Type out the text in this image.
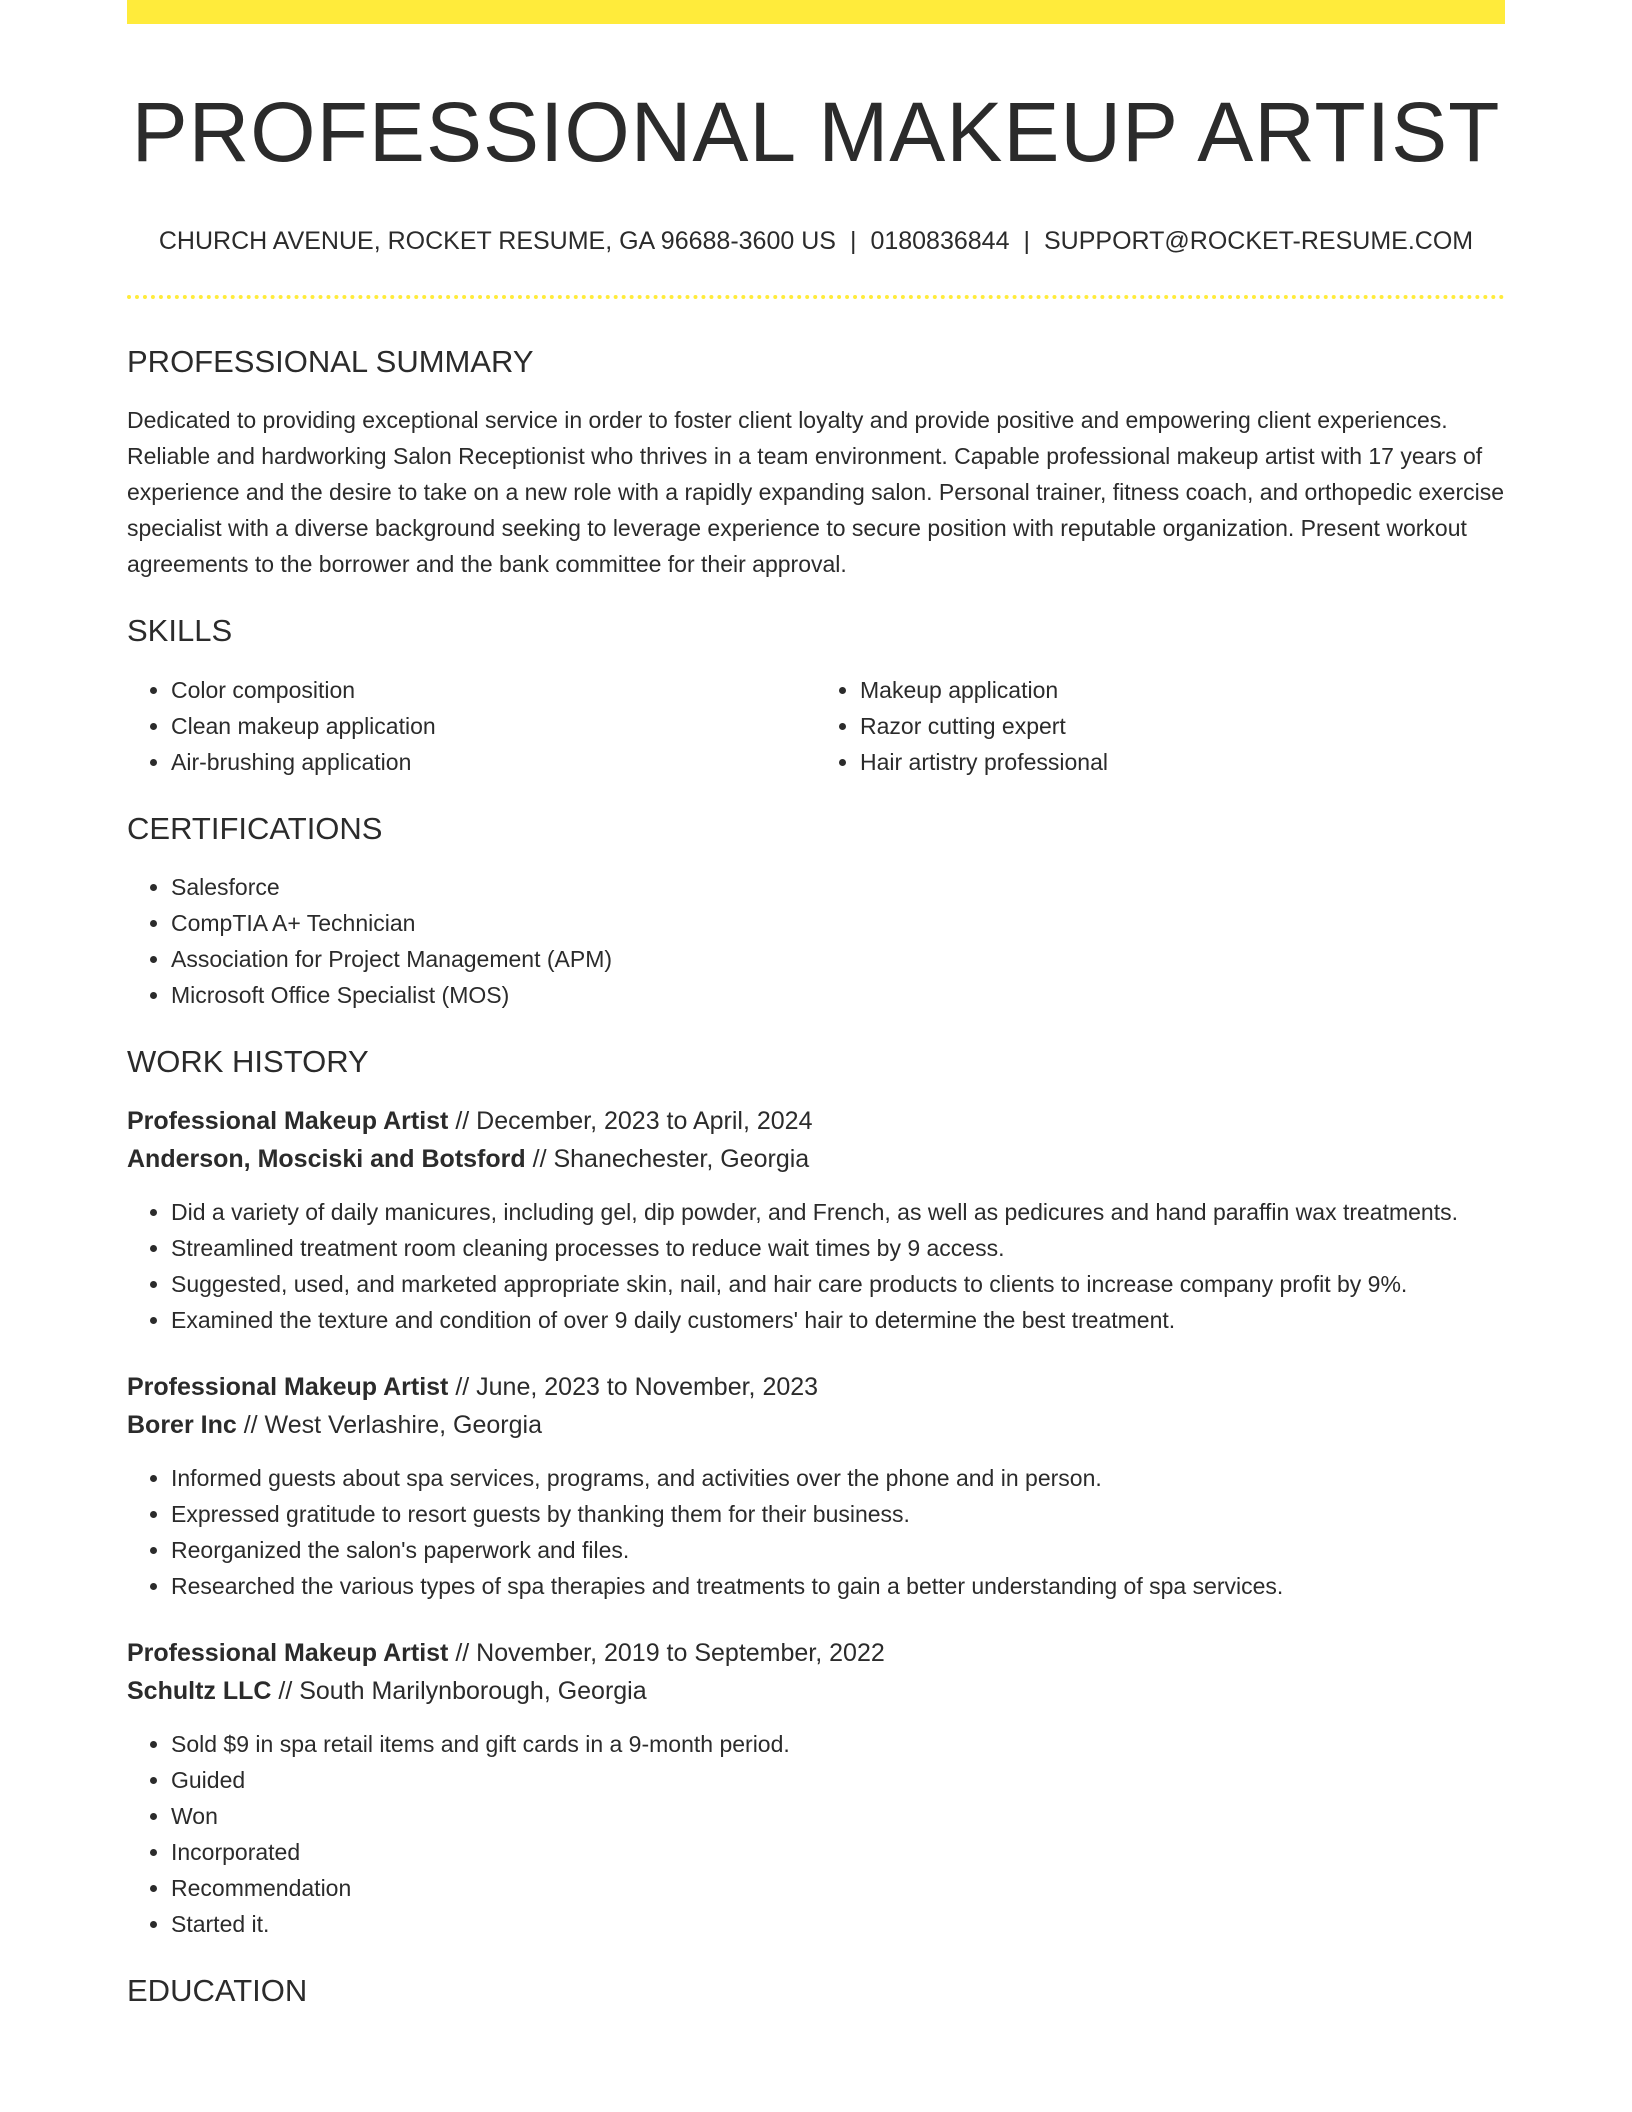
PROFESSIONAL MAKEUP ARTIST
CHURCH AVENUE, ROCKET RESUME, GA 96688-3600 US | 0180836844 | SUPPORT@ROCKET-RESUME.COM
PROFESSIONAL SUMMARY
Dedicated to providing exceptional service in order to foster client loyalty and provide positive and empowering client experiences. Reliable and hardworking Salon Receptionist who thrives in a team environment. Capable professional makeup artist with 17 years of experience and the desire to take on a new role with a rapidly expanding salon. Personal trainer, fitness coach, and orthopedic exercise specialist with a diverse background seeking to leverage experience to secure position with reputable organization. Present workout agreements to the borrower and the bank committee for their approval.
SKILLS
• Color composition
• Clean makeup application
• Air-brushing application
• Makeup application
• Razor cutting expert
• Hair artistry professional
CERTIFICATIONS
• Salesforce
• CompTIA A+ Technician
• Association for Project Management (APM)
• Microsoft Office Specialist (MOS)
WORK HISTORY
Professional Makeup Artist // December, 2023 to April, 2024
Anderson, Mosciski and Botsford // Shanechester, Georgia
• Did a variety of daily manicures, including gel, dip powder, and French, as well as pedicures and hand paraffin wax treatments.
• Streamlined treatment room cleaning processes to reduce wait times by 9 access.
• Suggested, used, and marketed appropriate skin, nail, and hair care products to clients to increase company profit by 9%.
• Examined the texture and condition of over 9 daily customers' hair to determine the best treatment.
Professional Makeup Artist // June, 2023 to November, 2023
Borer Inc // West Verlashire, Georgia
• Informed guests about spa services, programs, and activities over the phone and in person.
• Expressed gratitude to resort guests by thanking them for their business.
• Reorganized the salon's paperwork and files.
• Researched the various types of spa therapies and treatments to gain a better understanding of spa services.
Professional Makeup Artist // November, 2019 to September, 2022
Schultz LLC // South Marilynborough, Georgia
• Sold $9 in spa retail items and gift cards in a 9-month period.
• Guided
• Won
• Incorporated
• Recommendation
• Started it.
EDUCATION
